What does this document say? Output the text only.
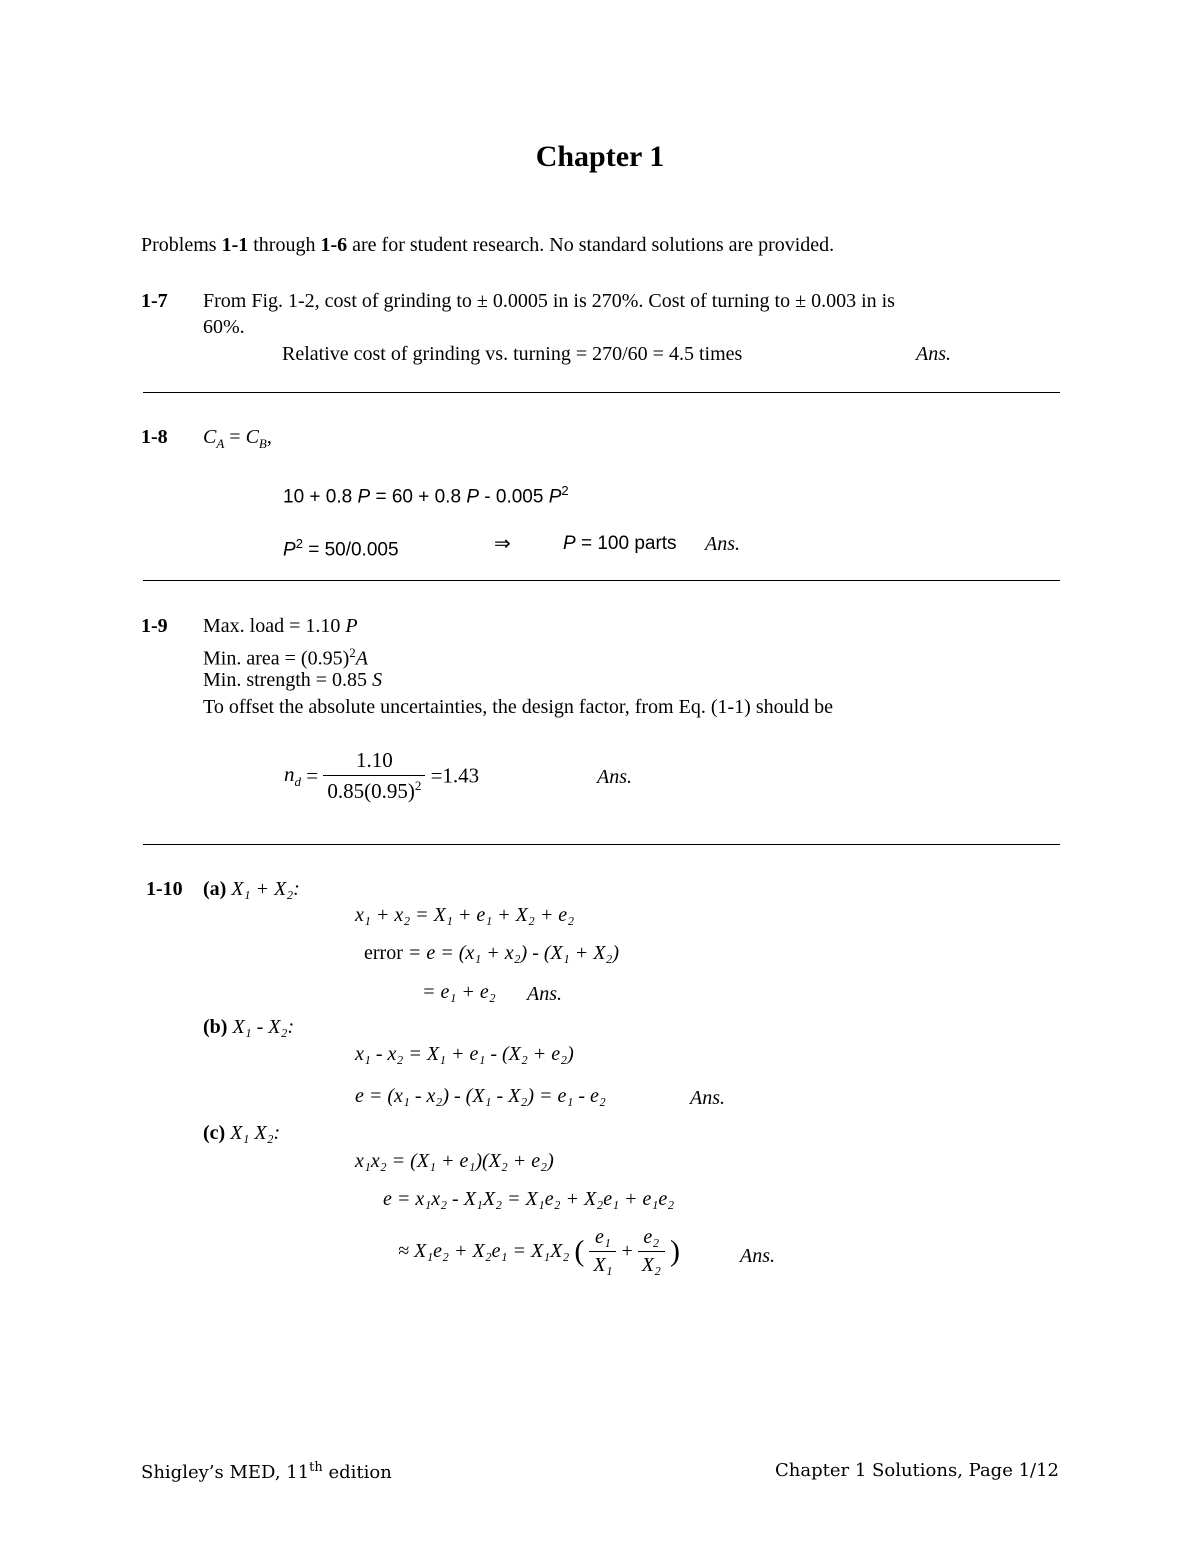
Chapter 1
Problems 1-1 through 1-6 are for student research. No standard solutions are provided.
1-7 From Fig. 1-2, cost of grinding to ± 0.0005 in is 270%. Cost of turning to ± 0.003 in is
60%.
Relative cost of grinding vs. turning = 270/60 = 4.5 times	Ans.
1-8 $C_A = C_B$,
10 + 0.8 P = 60 + 0.8 P - 0.005 $P^2$
$P^2 = 50/0.005$	⇒	P = 100 parts Ans.
1-9 Max. load = 1.10 P
Min. area = $(0.95)^2A$
Min. strength = 0.85 S
To offset the absolute uncertainties, the design factor, from Eq. (1-1) should be
$n_d = \frac{1.10}{0.85(0.95)^2} =1.43$	Ans.
1-10 (a) X₁ + X₂:
x₁ + x₂ = X₁ + e₁ + X₂ + e₂
error = e = (x₁ + x₂) - (X₁ + X₂)
= e₁ + e₂ Ans.
(b) X₁ - X₂:
x₁ - x₂ = X₁ + e₁ - (X₂ + e₂)
e = (x₁ - x₂) - (X₁ - X₂) = e₁ - e₂	Ans.
(c) X₁ X₂:
x₁x₂ = (X₁ + e₁)(X₂ + e₂)
e = x₁x₂ - X₁X₂ = X₁e₂ + X₂e₁ + e₁e₂
≈ X₁e₂ + X₂e₁ = X₁X₂ ( $\frac{\text{e₁}}{\text{X₁}} + \frac{\text{e₂}}{\text{X₂}}$ )	Ans.
Shigley’s MED, 11th edition	Chapter 1 Solutions, Page 1/12
